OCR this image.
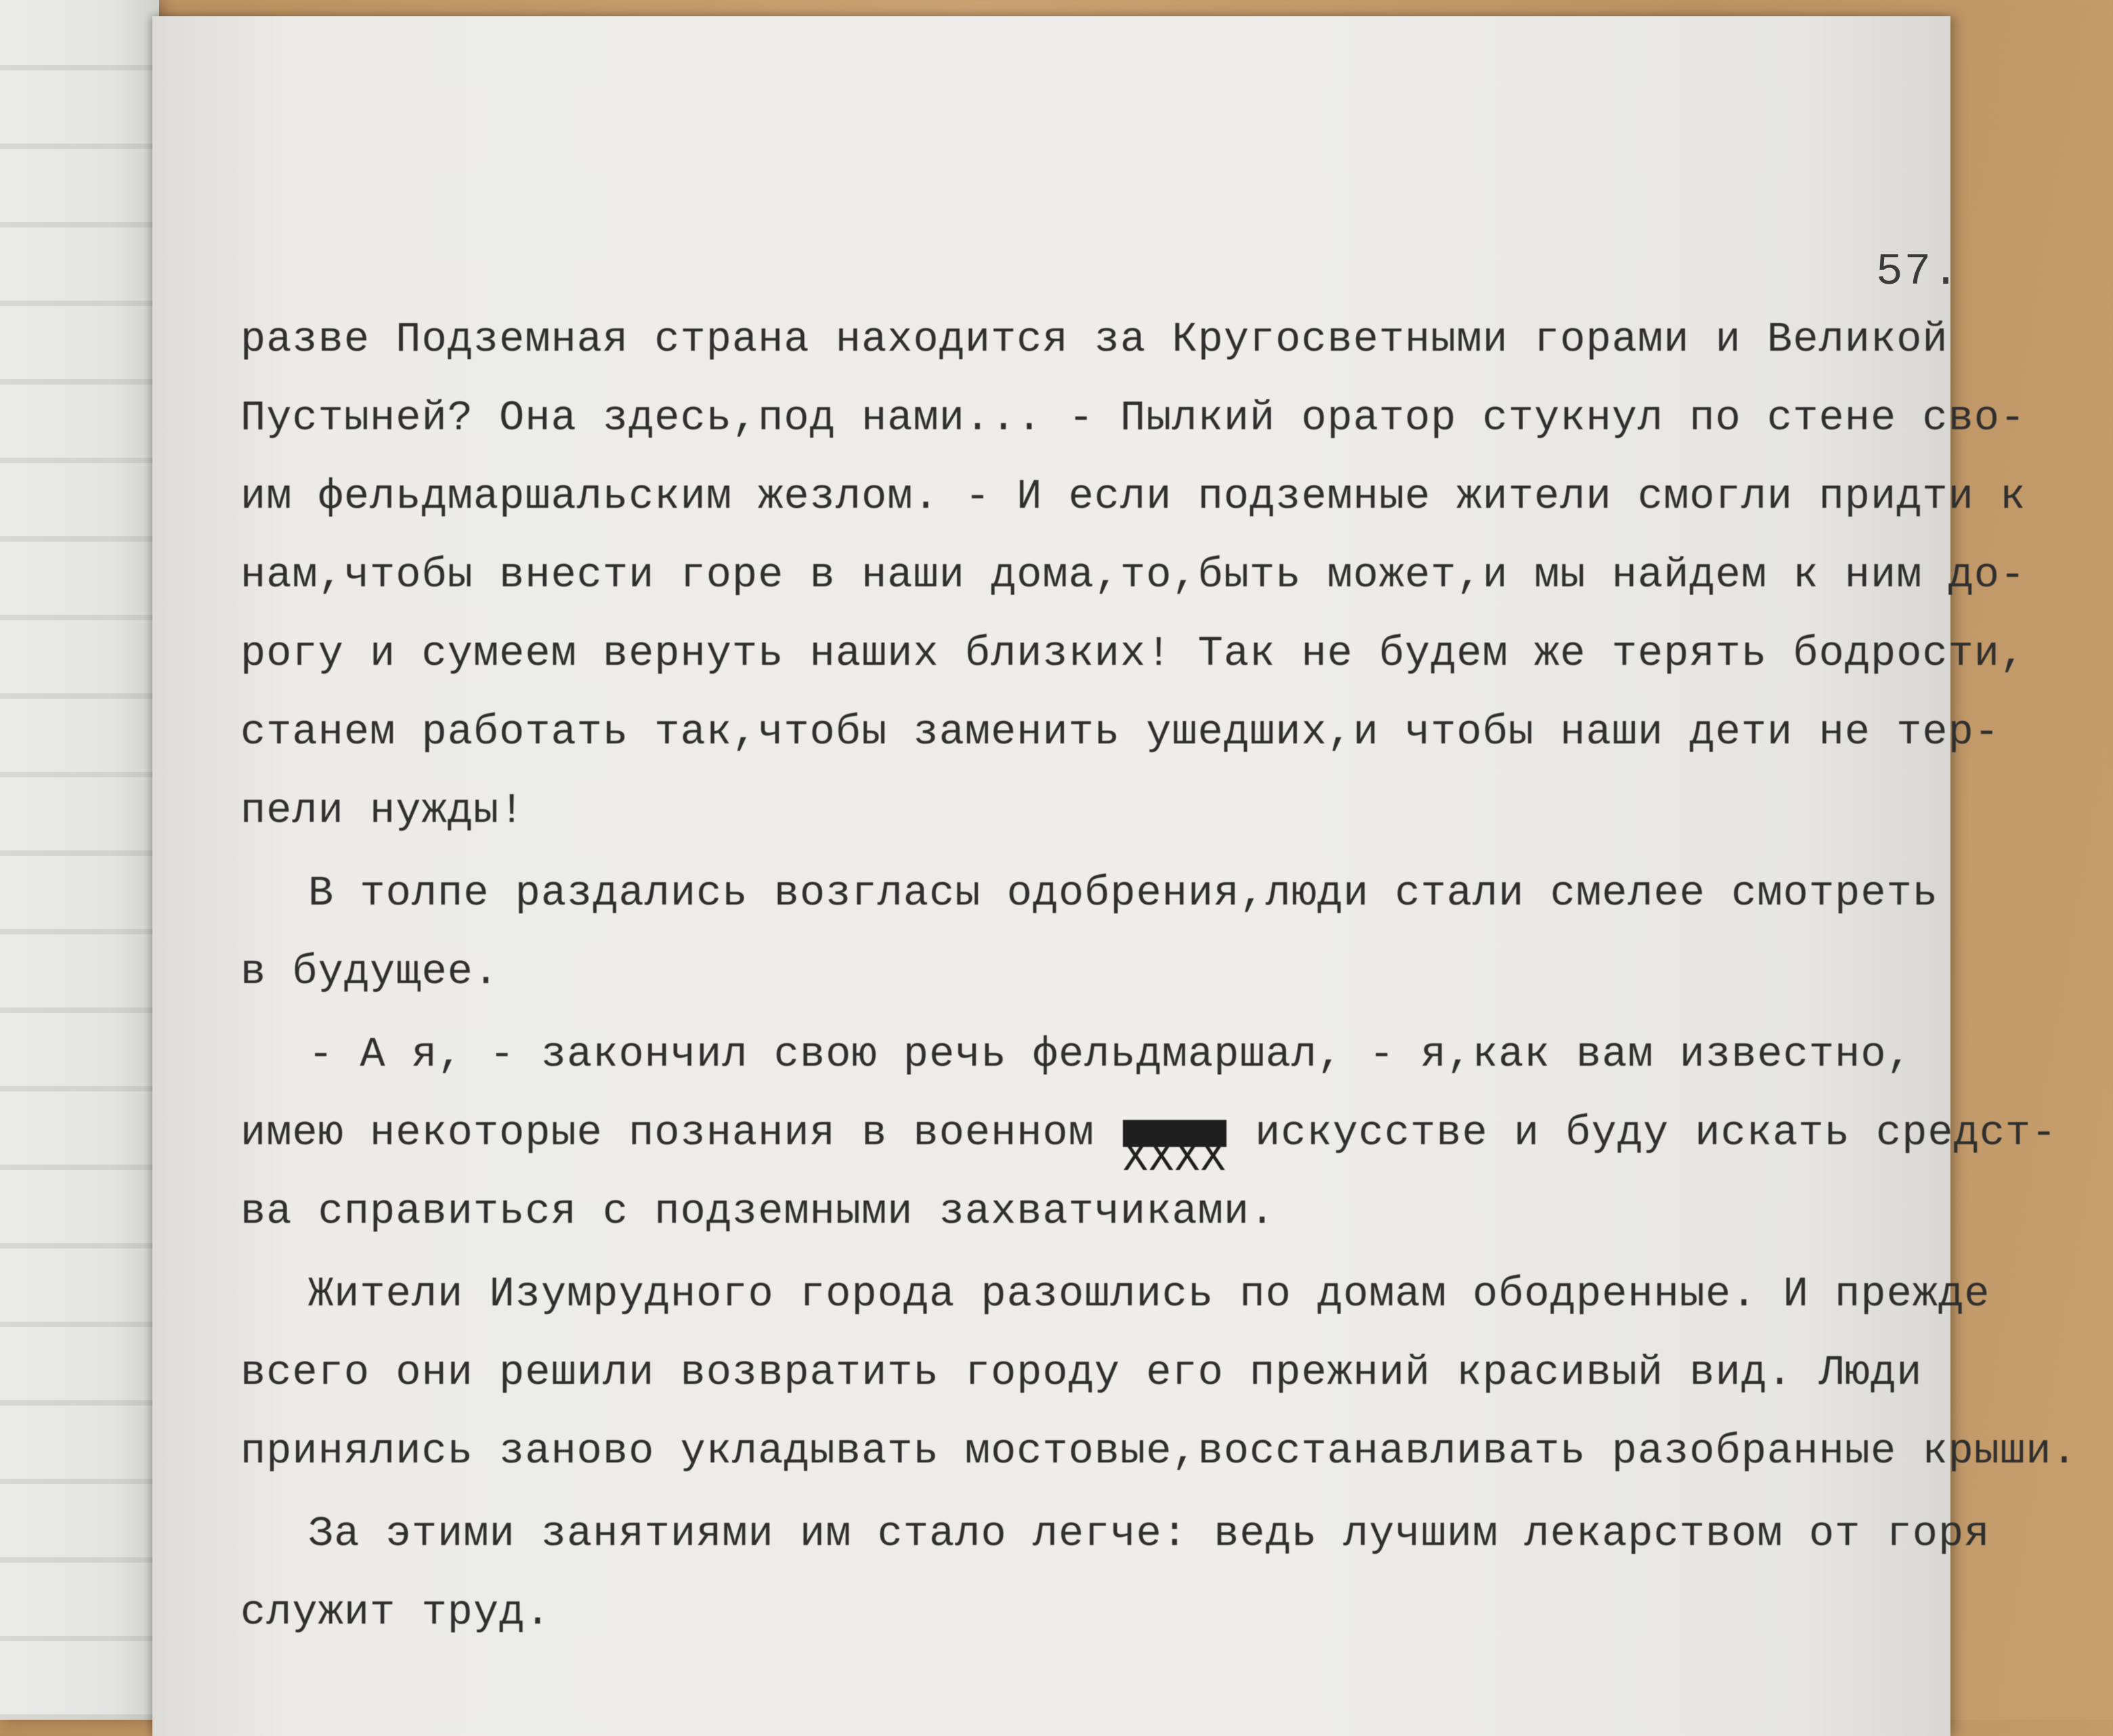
57.
разве Подземная страна находится за Кругосветными горами и Великой
Пустыней? Она здесь,под нами... - Пылкий оратор стукнул по стене сво-
им фельдмаршальским жезлом. - И если подземные жители смогли придти к
нам,чтобы внести горе в наши дома,то,быть может,и мы найдем к ним до-
рогу и сумеем вернуть наших близких! Так не будем же терять бодрости,
станем работать так,чтобы заменить ушедших,и чтобы наши дети не тер-
пели нужды!
В толпе раздались возгласы одобрения,люди стали смелее смотреть
в будущее.
- А я, - закончил свою речь фельдмаршал, - я,как вам известно,
имею некоторые познания в военном XXXX искусстве и буду искать средст-
ва справиться с подземными захватчиками.
Жители Изумрудного города разошлись по домам ободренные. И прежде
всего они решили возвратить городу его прежний красивый вид. Люди
принялись заново укладывать мостовые,восстанавливать разобранные крыши.
За этими занятиями им стало легче: ведь лучшим лекарством от горя
служит труд.
